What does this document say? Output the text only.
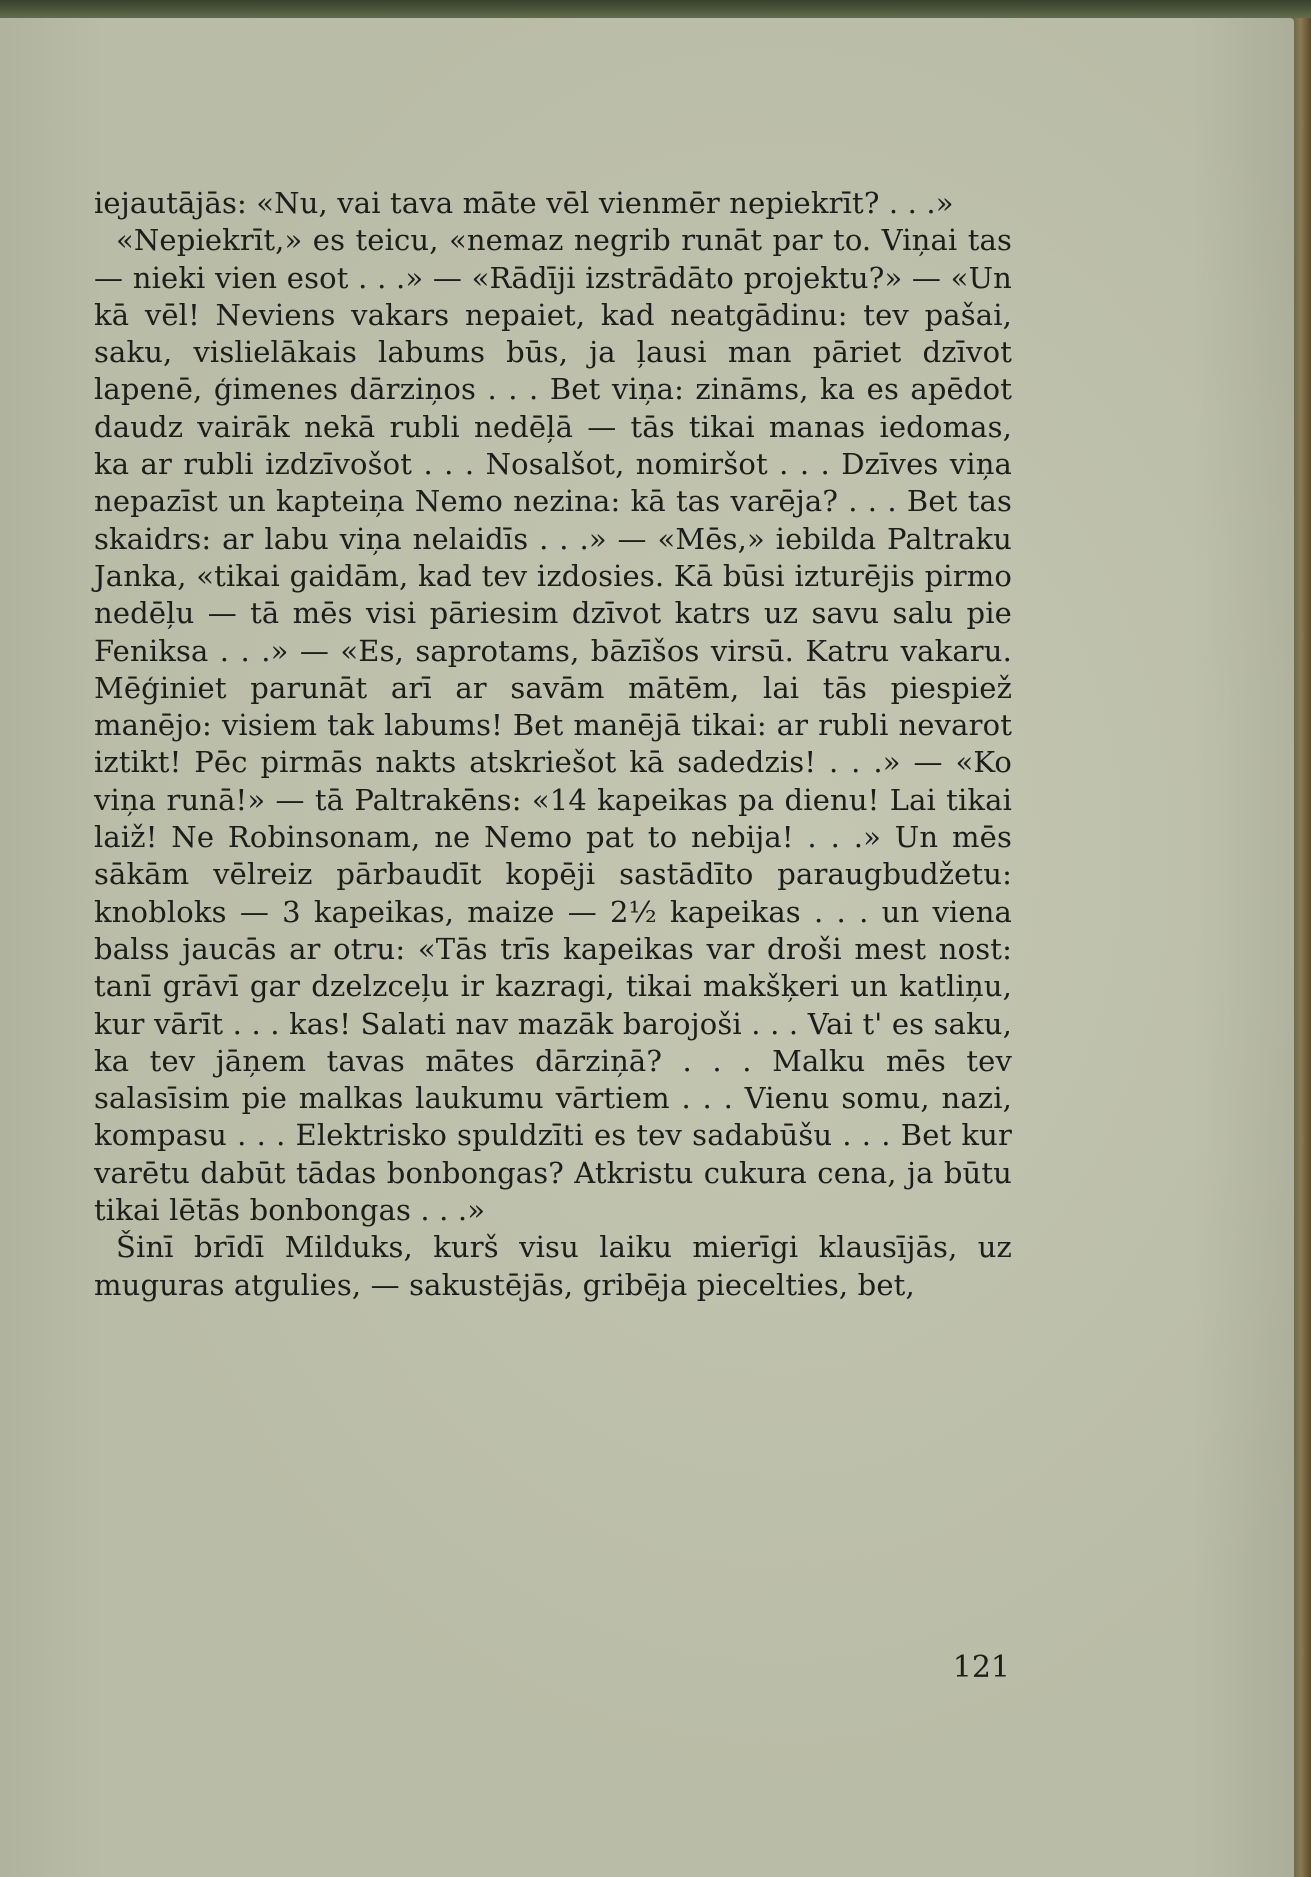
iejautājās: «Nu, vai tava māte vēl vienmēr nepiekrīt? . . .»

«Nepiekrīt,» es teicu, «nemaz negrib runāt par to. Viņai tas — nieki vien esot . . .» — «Rādīji izstrādāto projektu?» — «Un kā vēl! Neviens vakars nepaiet, kad neatgādinu: tev pašai, saku, vislielākais labums būs, ja ļausi man pāriet dzīvot lapenē, ģimenes dārziņos . . . Bet viņa: zināms, ka es apēdot daudz vairāk nekā rubli nedēļā — tās tikai manas iedomas, ka ar rubli izdzīvošot . . . Nosalšot, nomiršot . . . Dzīves viņa nepazīst un kapteiņa Nemo nezina: kā tas varēja? . . . Bet tas skaidrs: ar labu viņa nelaidīs . . .» — «Mēs,» iebilda Paltraku Janka, «tikai gaidām, kad tev izdosies. Kā būsi izturējis pirmo nedēļu — tā mēs visi pāriesim dzīvot katrs uz savu salu pie Feniksa . . .» — «Es, saprotams, bāzīšos virsū. Katru vakaru. Mēģiniet parunāt arī ar savām mātēm, lai tās piespiež manējo: visiem tak labums! Bet manējā tikai: ar rubli nevarot iztikt! Pēc pirmās nakts atskriešot kā sadedzis! . . .» — «Ko viņa runā!» — tā Paltrakēns: «14 kapeikas pa dienu! Lai tikai laiž! Ne Robinsonam, ne Nemo pat to nebija! . . .» Un mēs sākām vēlreiz pārbaudīt kopēji sastādīto paraugbudžetu: knobloks — 3 kapeikas, maize — 2½ kapeikas . . . un viena balss jaucās ar otru: «Tās trīs kapeikas var droši mest nost: tanī grāvī gar dzelzceļu ir kazragi, tikai makšķeri un katliņu, kur vārīt . . . kas! Salati nav mazāk barojoši . . . Vai t' es saku, ka tev jāņem tavas mātes dārziņā? . . . Malku mēs tev salasīsim pie malkas laukumu vārtiem . . . Vienu somu, nazi, kompasu . . . Elektrisko spuldzīti es tev sadabūšu . . . Bet kur varētu dabūt tādas bonbongas? Atkristu cukura cena, ja būtu tikai lētās bonbongas . . .»

Šinī brīdī Milduks, kurš visu laiku mierīgi klausījās, uz muguras atgulies, — sakustējās, gribēja piecelties, bet,

121
